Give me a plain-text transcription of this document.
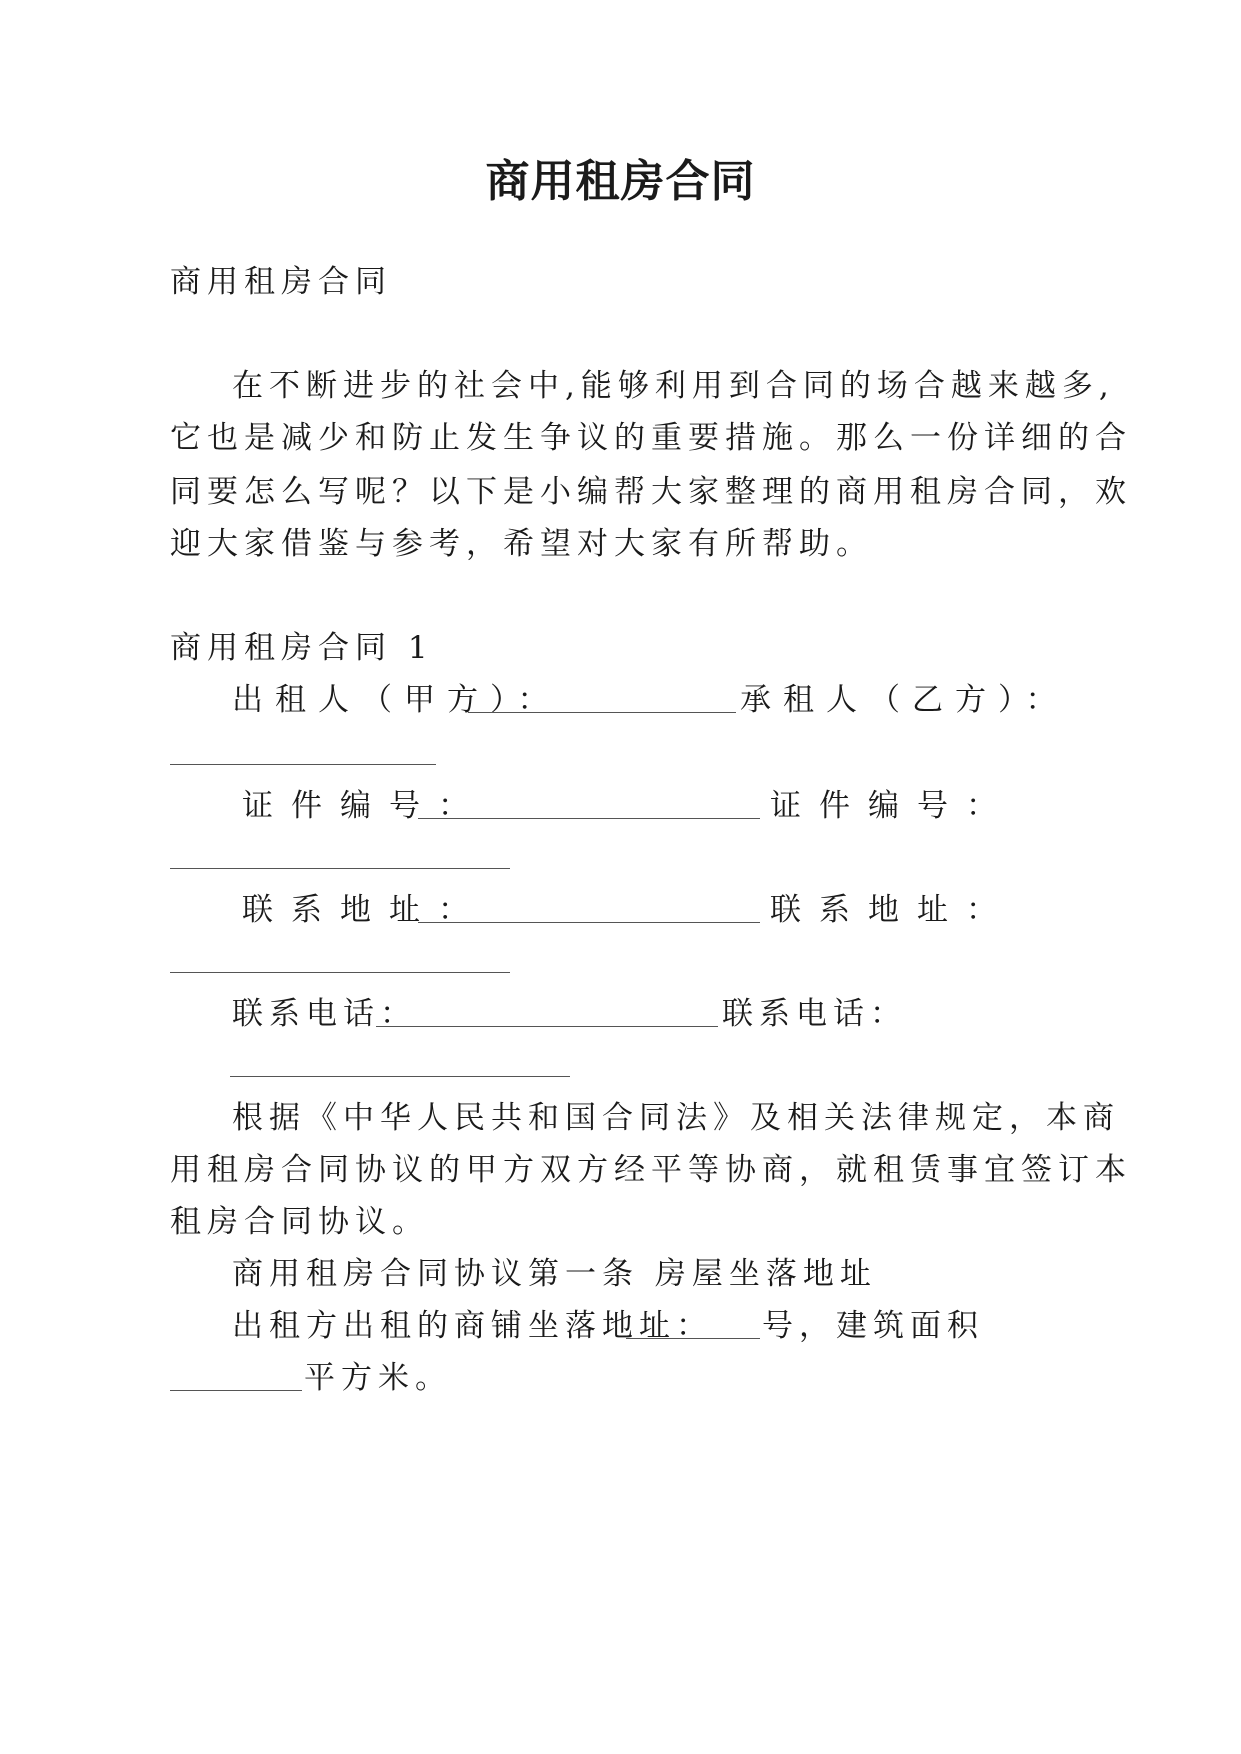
商用租房合同
商用租房合同
在不断进步的社会中,能够利用到合同的场合越来越多,
它也是减少和防止发生争议的重要措施。那么一份详细的合
同要怎么写呢？以下是小编帮大家整理的商用租房合同，欢
迎大家借鉴与参考，希望对大家有所帮助。
商用租房合同 1
出租人（甲方）：	承租人（乙方）：
证件编号：	证件编号：
联系地址：	联系地址：
联系电话：	联系电话：
根据《中华人民共和国合同法》及相关法律规定，本商
用租房合同协议的甲方双方经平等协商，就租赁事宜签订本
租房合同协议。
商用租房合同协议第一条 房屋坐落地址
出租方出租的商铺坐落地址： 号，建筑面积
平方米。
